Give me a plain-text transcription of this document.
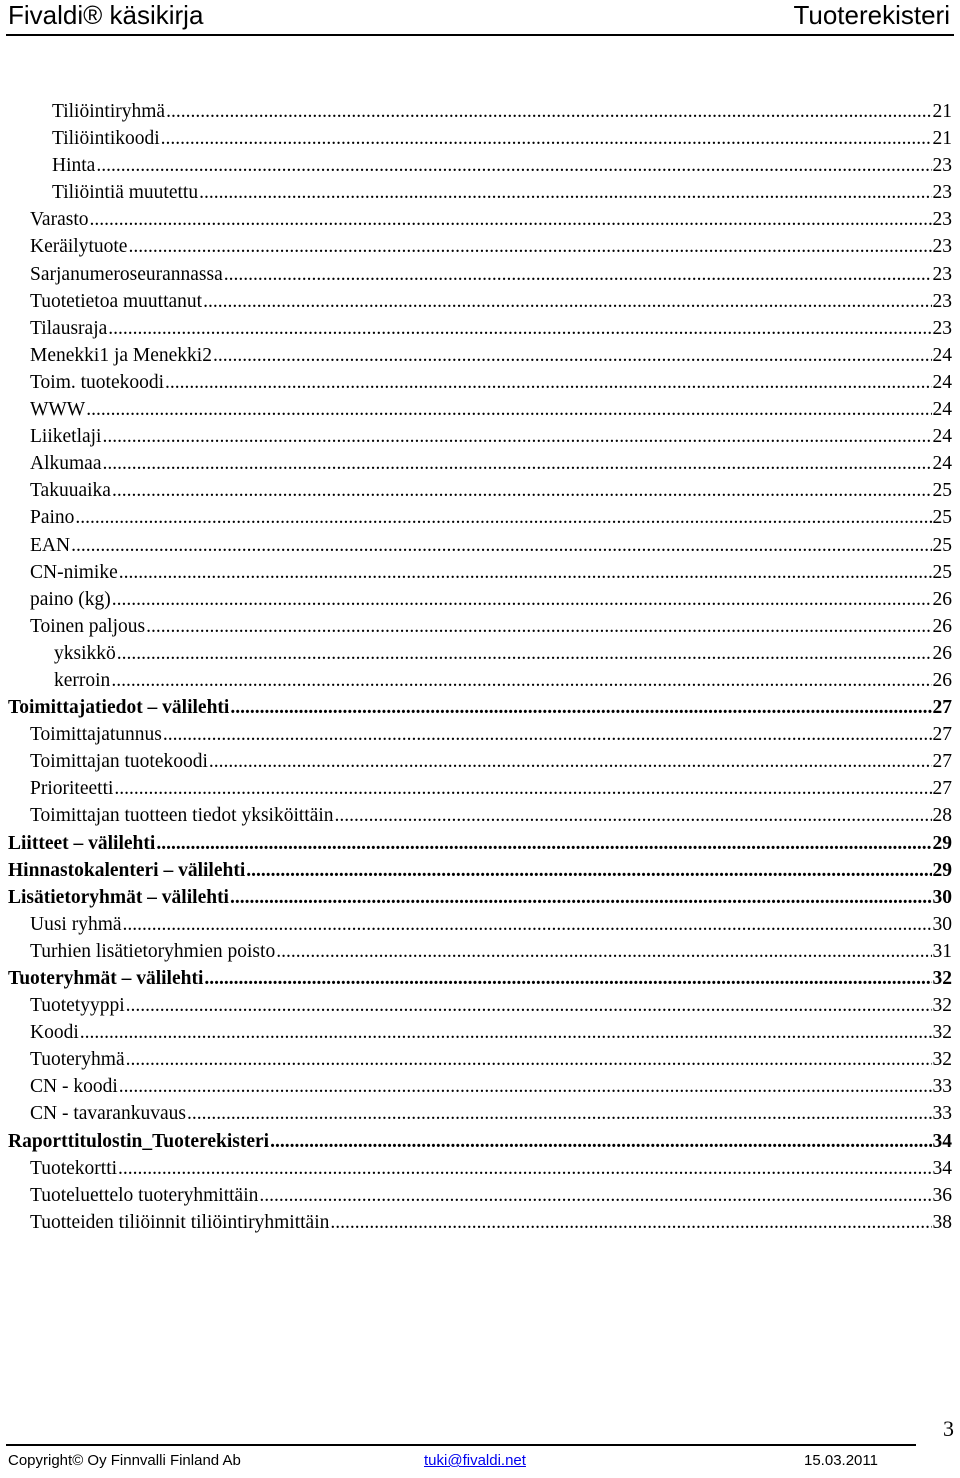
Fivaldi® käsikirja	Tuoterekisteri
Tiliöintiryhmä .....	21
Tiliöintikoodi .....	21
Hinta .....	23
Tiliöintiä muutettu .....	23
Varasto .....	23
Keräilytuote .....	23
Sarjanumeroseurannassa .....	23
Tuotetietoa muuttanut .....	23
Tilausraja .....	23
Menekki1 ja Menekki2 .....	24
Toim. tuotekoodi .....	24
WWW .....	24
Liiketlaji .....	24
Alkumaa .....	24
Takuuaika .....	25
Paino .....	25
EAN .....	25
CN-nimike .....	25
paino (kg) .....	26
Toinen paljous .....	26
yksikkö .....	26
kerroin .....	26
Toimittajatiedot – välilehti .....	27
Toimittajatunnus .....	27
Toimittajan tuotekoodi .....	27
Prioriteetti .....	27
Toimittajan tuotteen tiedot yksiköittäin .....	28
Liitteet – välilehti .....	29
Hinnastokalenteri – välilehti .....	29
Lisätietoryhmät – välilehti .....	30
Uusi ryhmä .....	30
Turhien lisätietoryhmien poisto .....	31
Tuoteryhmät – välilehti .....	32
Tuotetyyppi .....	32
Koodi .....	32
Tuoteryhmä .....	32
CN - koodi .....	33
CN - tavarankuvaus .....	33
Raporttitulostin_Tuoterekisteri .....	34
Tuotekortti .....	34
Tuoteluettelo tuoteryhmittäin .....	36
Tuotteiden tiliöinnit tiliöintiryhmittäin .....	38
3
Copyright© Oy Finnvalli Finland Ab	tuki@fivaldi.net	15.03.2011
